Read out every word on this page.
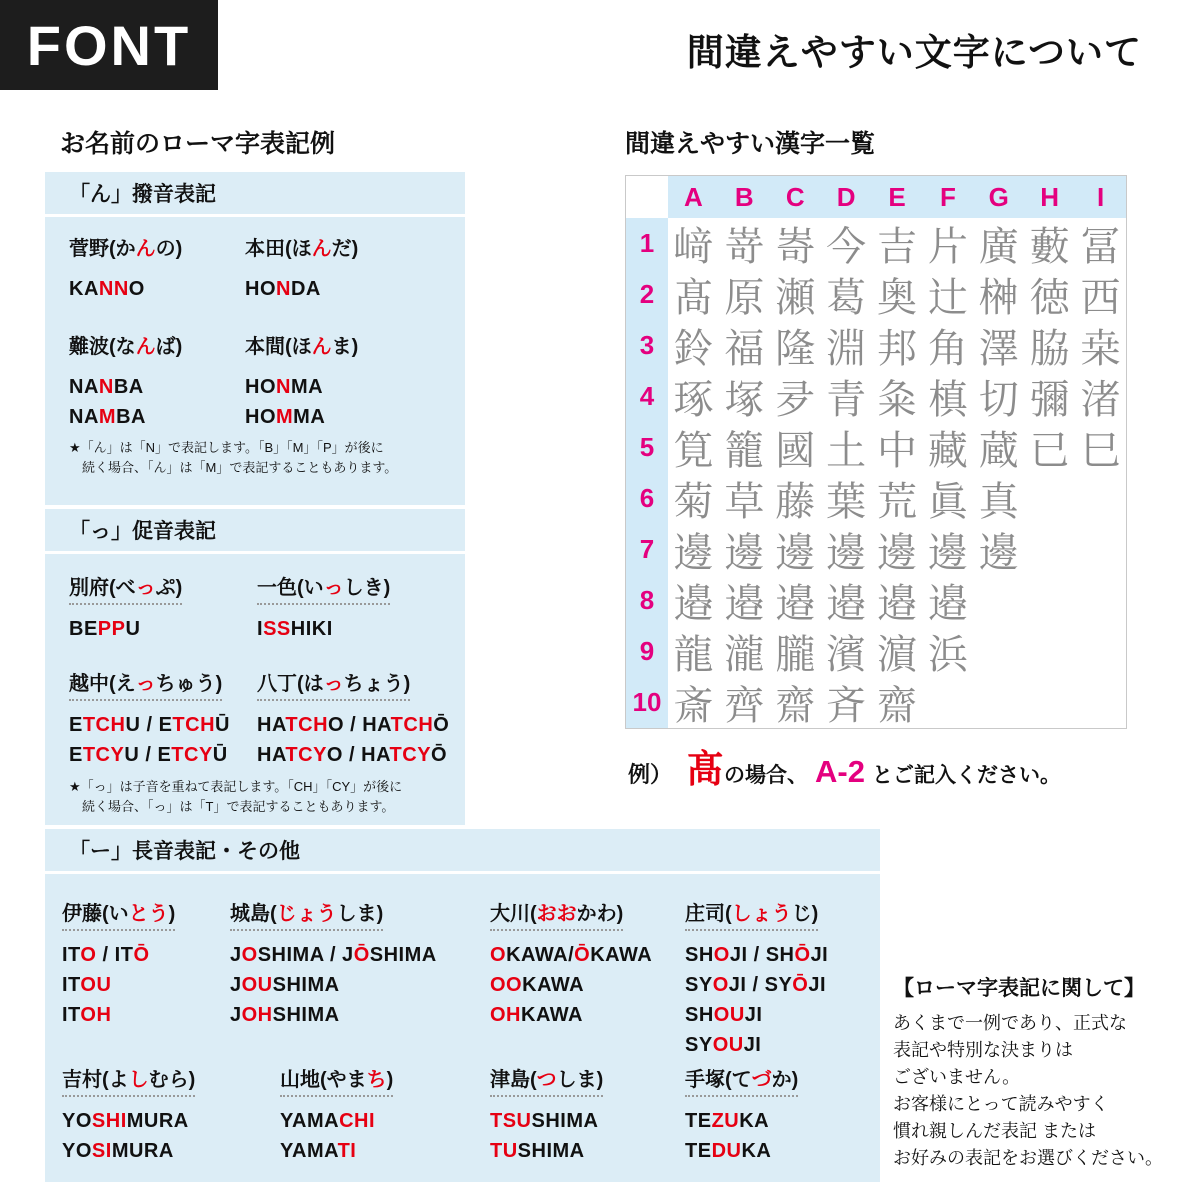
FONT	間違えやすい文字について
お名前のローマ字表記例	間違えやすい漢字一覧
「ん」撥音表記
菅野(かんの)
KANNO
本田(ほんだ)
HONDA
難波(なんば)
NANBA
NAMBA
本間(ほんま)
HONMA
HOMMA
★「ん」は「N」で表記します。「B」「M」「P」が後に
　続く場合、「ん」は「M」で表記することもあります。
「っ」促音表記
別府(べっぷ)
BEPPU
一色(いっしき)
ISSHIKI
越中(えっちゅう)
ETCHU / ETCHŪ
ETCYU / ETCYŪ
八丁(はっちょう)
HATCHO / HATCHŌ
HATCYO / HATCYŌ
★「っ」は子音を重ねて表記します。「CH」「CY」が後に
　続く場合、「っ」は「T」で表記することもあります。
「ー」長音表記・その他
伊藤(いとう)
ITO / ITŌ
ITOU
ITOH
城島(じょうしま)
JOSHIMA / JŌSHIMA
JOUSHIMA
JOHSHIMA
大川(おおかわ)
OKAWA/ŌKAWA
OOKAWA
OHKAWA
庄司(しょうじ)
SHOJI / SHŌJI
SYOJI / SYŌJI
SHOUJI
SYOUJI
吉村(よしむら)
YOSHIMURA
YOSIMURA
山地(やまち)
YAMACHI
YAMATI
津島(つしま)
TSUSHIMA
TUSHIMA
手塚(てづか)
TEZUKA
TEDUKA
A	B	C	D	E	F	G	H	I
1 﨑 嵜 㟢 今 吉 片 廣 藪 冨
2 髙 原 瀬 葛 奥 辻 榊 徳 西
3 鈴 福 隆 淵 邦 角 澤 脇 桒
4 琢 塚 夛 青 粂 槙 切 彌 渚
5 筧 籠 國 土 中 藏 蔵 已 巳
6 菊 草 藤 葉 荒 眞 真
7 邊 邊 邊 邊 邊 邊 邊
8 邉 邉 邉 邉 邉 邉
9 龍 瀧 朧 濱 濵 浜
10 斎 齊 齋 斉 齋
例） 髙 の場合、 A-2 とご記入ください。
【ローマ字表記に関して】
あくまで一例であり、正式な
表記や特別な決まりは
ございません。
お客様にとって読みやすく
慣れ親しんだ表記 または
お好みの表記をお選びください。
